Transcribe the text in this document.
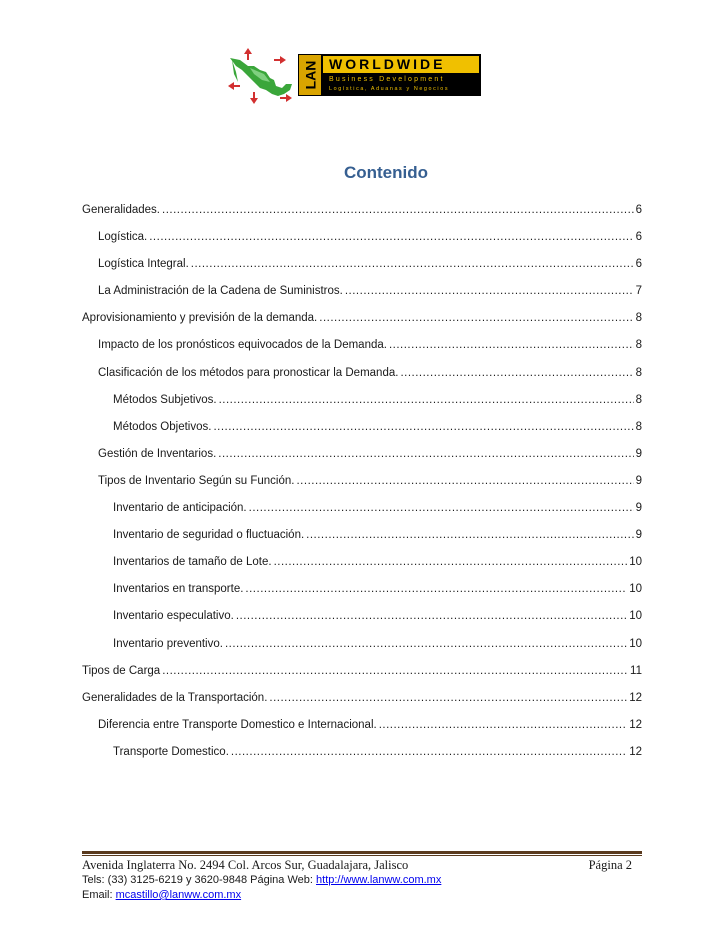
LAN WORLDWIDE
Business Development
Logística, Aduanas y Negocios
Contenido
Generalidades. .....	6
Logística. .....	6
Logística Integral. .....	6
La Administración de la Cadena de Suministros. .....	7
Aprovisionamiento y previsión de la demanda. .....	8
Impacto de los pronósticos equivocados de la Demanda. .....	8
Clasificación de los métodos para pronosticar la Demanda. .....	8
Métodos Subjetivos. .....	8
Métodos Objetivos. .....	8
Gestión de Inventarios. .....	9
Tipos de Inventario Según su Función. .....	9
Inventario de anticipación. .....	9
Inventario de seguridad o fluctuación. .....	9
Inventarios de tamaño de Lote. .....	10
Inventarios en transporte. .....	10
Inventario especulativo. .....	10
Inventario preventivo. .....	10
Tipos de Carga .....	11
Generalidades de la Transportación. .....	12
Diferencia entre Transporte Domestico e Internacional. .....	12
Transporte Domestico. .....	12
Avenida Inglaterra No. 2494 Col. Arcos Sur, Guadalajara, Jalisco	Página 2
Tels: (33) 3125-6219 y 3620-9848 Página Web: http://www.lanww.com.mx
Email: mcastillo@lanww.com.mx
